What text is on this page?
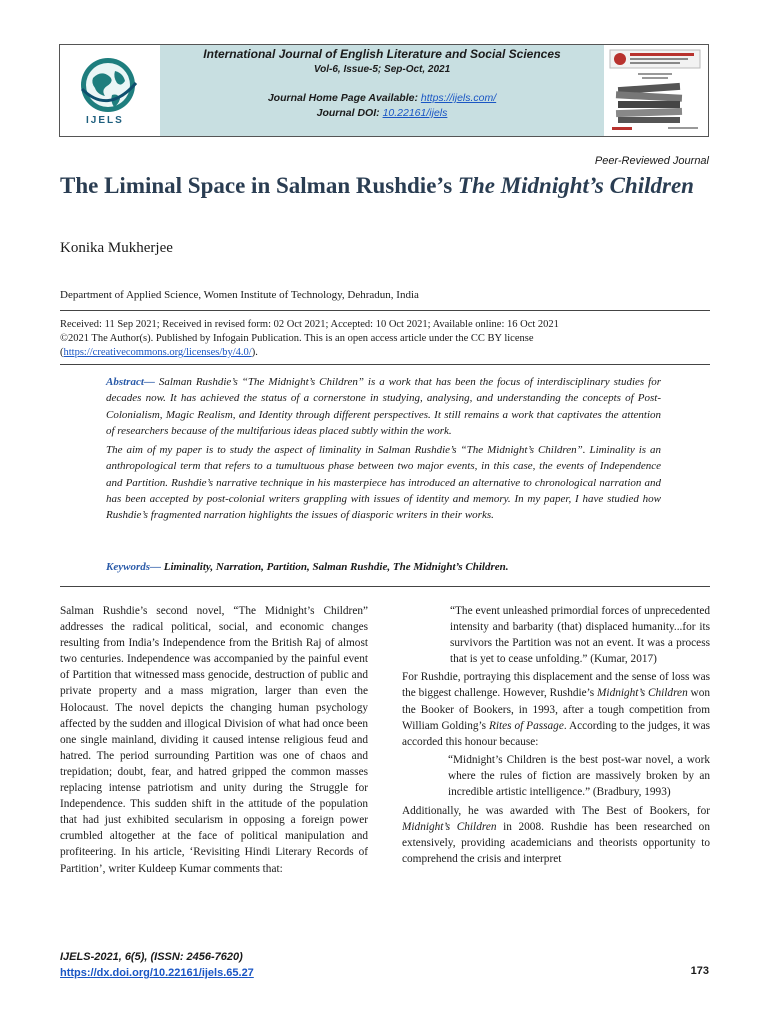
IJELS
International Journal of English Literature and Social Sciences
Vol-6, Issue-5; Sep-Oct, 2021
Journal Home Page Available: https://ijels.com/
Journal DOI: 10.22161/ijels
Peer-Reviewed Journal
The Liminal Space in Salman Rushdie’s The Midnight’s Children
Konika Mukherjee
Department of Applied Science, Women Institute of Technology, Dehradun, India
Received: 11 Sep 2021; Received in revised form: 02 Oct 2021; Accepted: 10 Oct 2021; Available online: 16 Oct 2021
©2021 The Author(s). Published by Infogain Publication. This is an open access article under the CC BY license
(https://creativecommons.org/licenses/by/4.0/).

Abstract— Salman Rushdie’s “The Midnight’s Children” is a work that has been the focus of interdisciplinary studies for decades now. It has achieved the status of a cornerstone in studying, analysing, and understanding the concepts of Post-Colonialism, Magic Realism, and Identity through different perspectives. It still remains a work that captivates the attention of researchers because of the multifarious ideas placed subtly within the work.

The aim of my paper is to study the aspect of liminality in Salman Rushdie’s “The Midnight’s Children”. Liminality is an anthropological term that refers to a tumultuous phase between two major events, in this case, the events of Independence and Partition. Rushdie’s narrative technique in his masterpiece has introduced an alternative to chronological narration and has been accepted by post-colonial writers grappling with issues of identity and memory. In my paper, I have studied how Rushdie’s fragmented narration highlights the issues of diasporic writers in their works.

Keywords— Liminality, Narration, Partition, Salman Rushdie, The Midnight’s Children.

Salman Rushdie’s second novel, “The Midnight’s Children” addresses the radical political, social, and economic changes resulting from India’s Independence from the British Raj of almost two centuries. Independence was accompanied by the painful event of Partition that witnessed mass genocide, destruction of public and private property and a mass migration, larger than even the Holocaust. The novel depicts the changing human psychology affected by the sudden and illogical Division of what had once been one single mainland, dividing it caused intense religious feud and hatred. The period surrounding Partition was one of chaos and trepidation; doubt, fear, and hatred gripped the common masses replacing intense patriotism and unity during the Struggle for Independence. This sudden shift in the attitude of the population that had just exhibited secularism in opposing a foreign power crumbled altogether at the face of political manipulation and profiteering. In his article, ‘Revisiting Hindi Literary Records of Partition’, writer Kuldeep Kumar comments that:

“The event unleashed primordial forces of unprecedented intensity and barbarity (that) displaced humanity...for its survivors the Partition was not an event. It was a process that is yet to cease unfolding.” (Kumar, 2017)

For Rushdie, portraying this displacement and the sense of loss was the biggest challenge. However, Rushdie’s Midnight’s Children won the Booker of Bookers, in 1993, after a tough competition from William Golding’s Rites of Passage. According to the judges, it was accorded this honour because:

“Midnight’s Children is the best post-war novel, a work where the rules of fiction are massively broken by an incredible artistic intelligence.” (Bradbury, 1993)

Additionally, he was awarded with The Best of Bookers, for Midnight’s Children in 2008. Rushdie has been researched on extensively, providing academicians and theorists opportunity to comprehend the crisis and interpret

IJELS-2021, 6(5), (ISSN: 2456-7620)
https://dx.doi.org/10.22161/ijels.65.27	173
